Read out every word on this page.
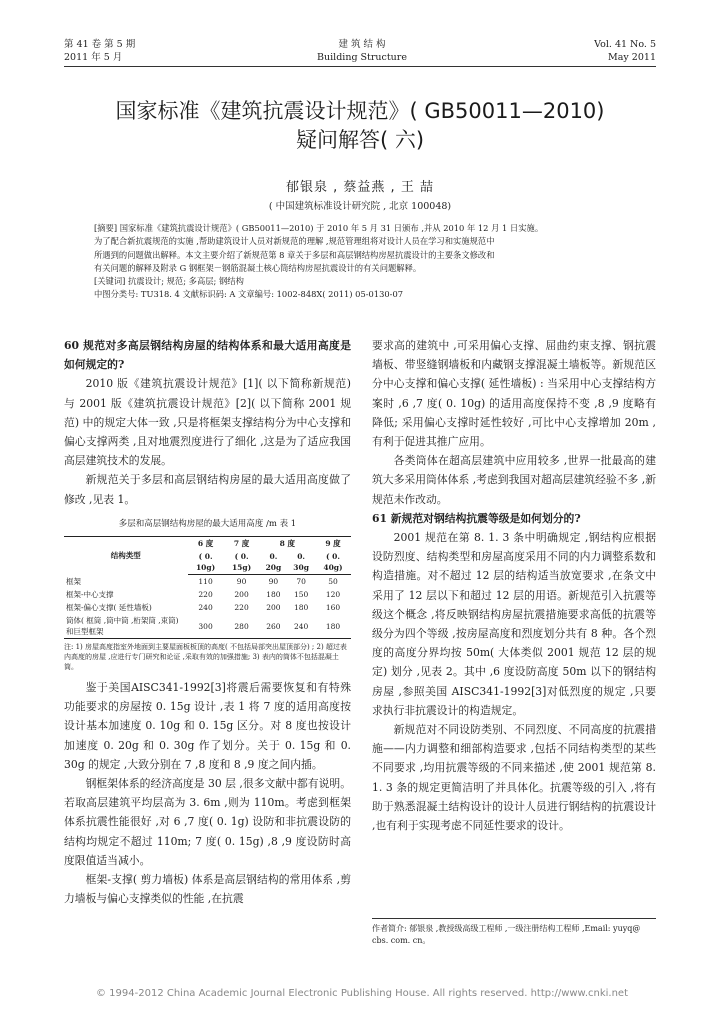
第 41 卷 第 5 期
2011 年 5 月
建 筑 结 构
Building Structure
Vol. 41 No. 5
May 2011
国家标准《建筑抗震设计规范》( GB50011—2010)
疑问解答( 六)
郁银泉 , 蔡益燕 , 王 喆
( 中国建筑标准设计研究院 , 北京 100048)
[摘要] 国家标准《建筑抗震设计规范》( GB50011—2010) 于 2010 年 5 月 31 日颁布 ,并从 2010 年 12 月 1 日实施。
为了配合新抗震规范的实施 ,帮助建筑设计人员对新规范的理解 ,规范管理组将对设计人员在学习和实施规范中
所遇到的问题做出解释。本文主要介绍了新规范第 8 章关于多层和高层钢结构房屋抗震设计的主要条文修改和
有关问题的解释及附录 G 钢框架－钢筋混凝土核心筒结构房屋抗震设计的有关问题解释。
[关键词] 抗震设计; 规范; 多高层; 钢结构
中图分类号: TU318. 4 文献标识码: A 文章编号: 1002-848X( 2011) 05-0130-07

60 规范对多高层钢结构房屋的结构体系和最大适用高度是如何规定的?

2010 版《建筑抗震设计规范》[1]( 以下简称新规范) 与 2001 版《建筑抗震设计规范》[2]( 以下简称 2001 规范) 中的规定大体一致 ,只是将框架支撑结构分为中心支撑和偏心支撑两类 ,且对地震烈度进行了细化 ,这是为了适应我国高层建筑技术的发展。

新规范关于多层和高层钢结构房屋的最大适用高度做了修改 ,见表 1。

多层和高层钢结构房屋的最大适用高度 /m 表 1
结构类型	6 度	7 度	8 度		9 度
	( 0. 10g)	( 0. 15g)	0. 20g	0. 30g	( 0. 40g)
框架	110	90	90	70	50
框架-中心支撑	220	200	180	150	120
框架-偏心支撑( 延性墙板)	240	220	200	180	160
筒体( 框筒 ,筒中筒 ,桁架筒 ,束筒) 和巨型框架	300	280	260	240	180
注: 1) 房屋高度指室外地面到主要屋面板板顶的高度( 不包括局部突出屋顶部分) ; 2) 超过表内高度的房屋 ,应进行专门研究和论证 ,采取有效的加强措施; 3) 表内的筒体不包括混凝土筒。

鉴于美国AISC341-1992[3]将震后需要恢复和有特殊功能要求的房屋按 0. 15g 设计 ,表 1 将 7 度的适用高度按设计基本加速度 0. 10g 和 0. 15g 区分。对 8 度也按设计加速度 0. 20g 和 0. 30g 作了划分。关于 0. 15g 和 0. 30g 的规定 ,大致分别在 7 ,8 度和 8 ,9 度之间内插。

钢框架体系的经济高度是 30 层 ,很多文献中都有说明。若取高层建筑平均层高为 3. 6m ,则为 110m。考虑到框架体系抗震性能很好 ,对 6 ,7 度( 0. 1g) 设防和非抗震设防的结构均规定不超过 110m; 7 度( 0. 15g) ,8 ,9 度设防时高度限值适当减小。

框架-支撑( 剪力墙板) 体系是高层钢结构的常用体系 ,剪力墙板与偏心支撑类似的性能 ,在抗震

要求高的建筑中 ,可采用偏心支撑、屈曲约束支撑、钢抗震墙板、带竖缝钢墙板和内藏钢支撑混凝土墙板等。新规范区分中心支撑和偏心支撑( 延性墙板) : 当采用中心支撑结构方案时 ,6 ,7 度( 0. 10g) 的适用高度保持不变 ,8 ,9 度略有降低; 采用偏心支撑时延性较好 ,可比中心支撑增加 20m ,有利于促进其推广应用。

各类筒体在超高层建筑中应用较多 ,世界一批最高的建筑大多采用筒体体系 ,考虑到我国对超高层建筑经验不多 ,新规范未作改动。

61 新规范对钢结构抗震等级是如何划分的?

2001 规范在第 8. 1. 3 条中明确规定 ,钢结构应根据设防烈度、结构类型和房屋高度采用不同的内力调整系数和构造措施。对不超过 12 层的结构适当放宽要求 ,在条文中采用了 12 层以下和超过 12 层的用语。新规范引入抗震等级这个概念 ,将反映钢结构房屋抗震措施要求高低的抗震等级分为四个等级 ,按房屋高度和烈度划分共有 8 种。各个烈度的高度分界均按 50m( 大体类似 2001 规范 12 层的规定) 划分 ,见表 2。其中 ,6 度设防高度 50m 以下的钢结构房屋 ,参照美国 AISC341-1992[3]对低烈度的规定 ,只要求执行非抗震设计的构造规定。

新规范对不同设防类别、不同烈度、不同高度的抗震措施——内力调整和细部构造要求 ,包括不同结构类型的某些不同要求 ,均用抗震等级的不同来描述 ,使 2001 规范第 8. 1. 3 条的规定更简洁明了并具体化。抗震等级的引入 ,将有助于熟悉混凝土结构设计的设计人员进行钢结构的抗震设计 ,也有利于实现考虑不同延性要求的设计。

作者简介: 郁银泉 ,教授级高级工程师 ,一级注册结构工程师 ,Email: yuyq@ cbs. com. cn。
© 1994-2012 China Academic Journal Electronic Publishing House. All rights reserved. http://www.cnki.net
